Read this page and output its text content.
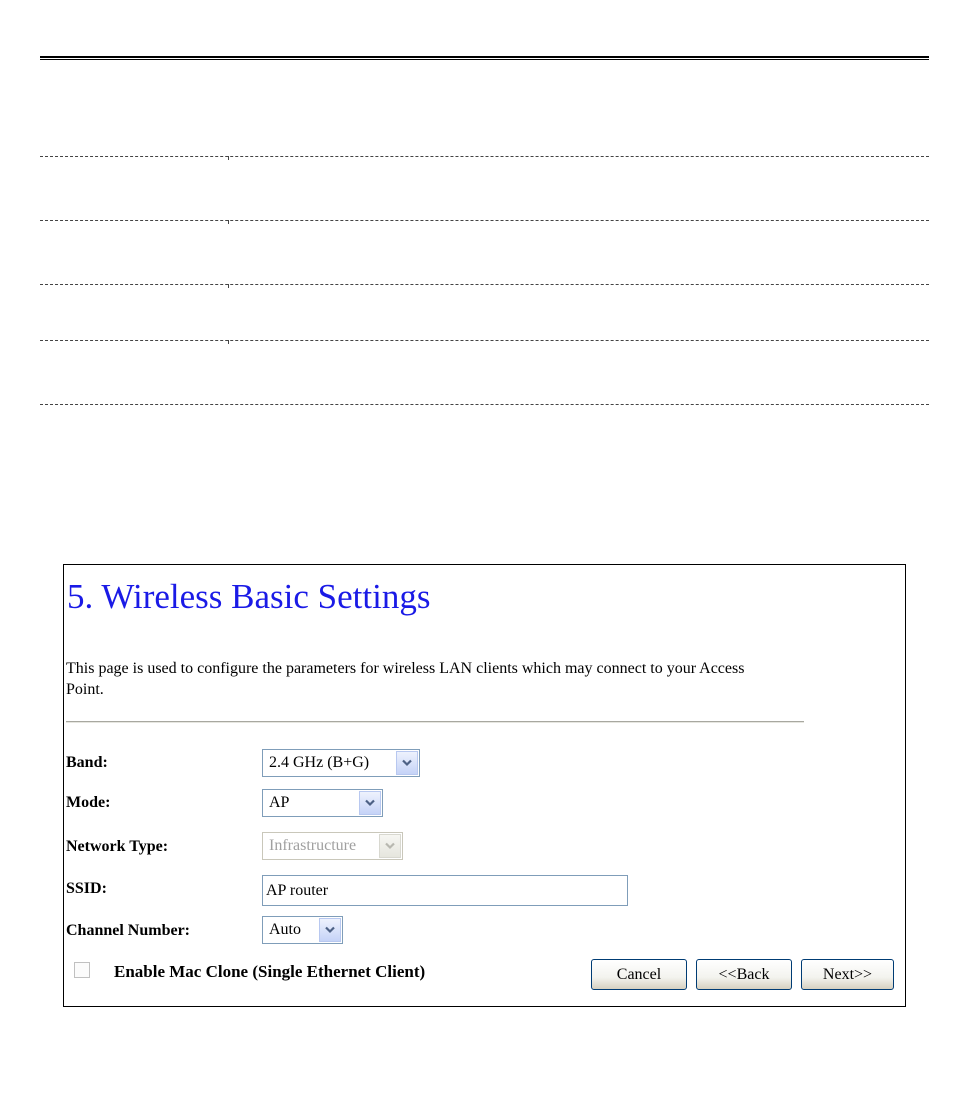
5. Wireless Basic Settings
This page is used to configure the parameters for wireless LAN clients which may connect to your Access Point.
Band:	2.4 GHz (B+G)
Mode:	AP
Network Type:	Infrastructure
SSID:
AP router
Channel Number:	Auto
Enable Mac Clone (Single Ethernet Client)	Cancel	<<Back	Next>>
